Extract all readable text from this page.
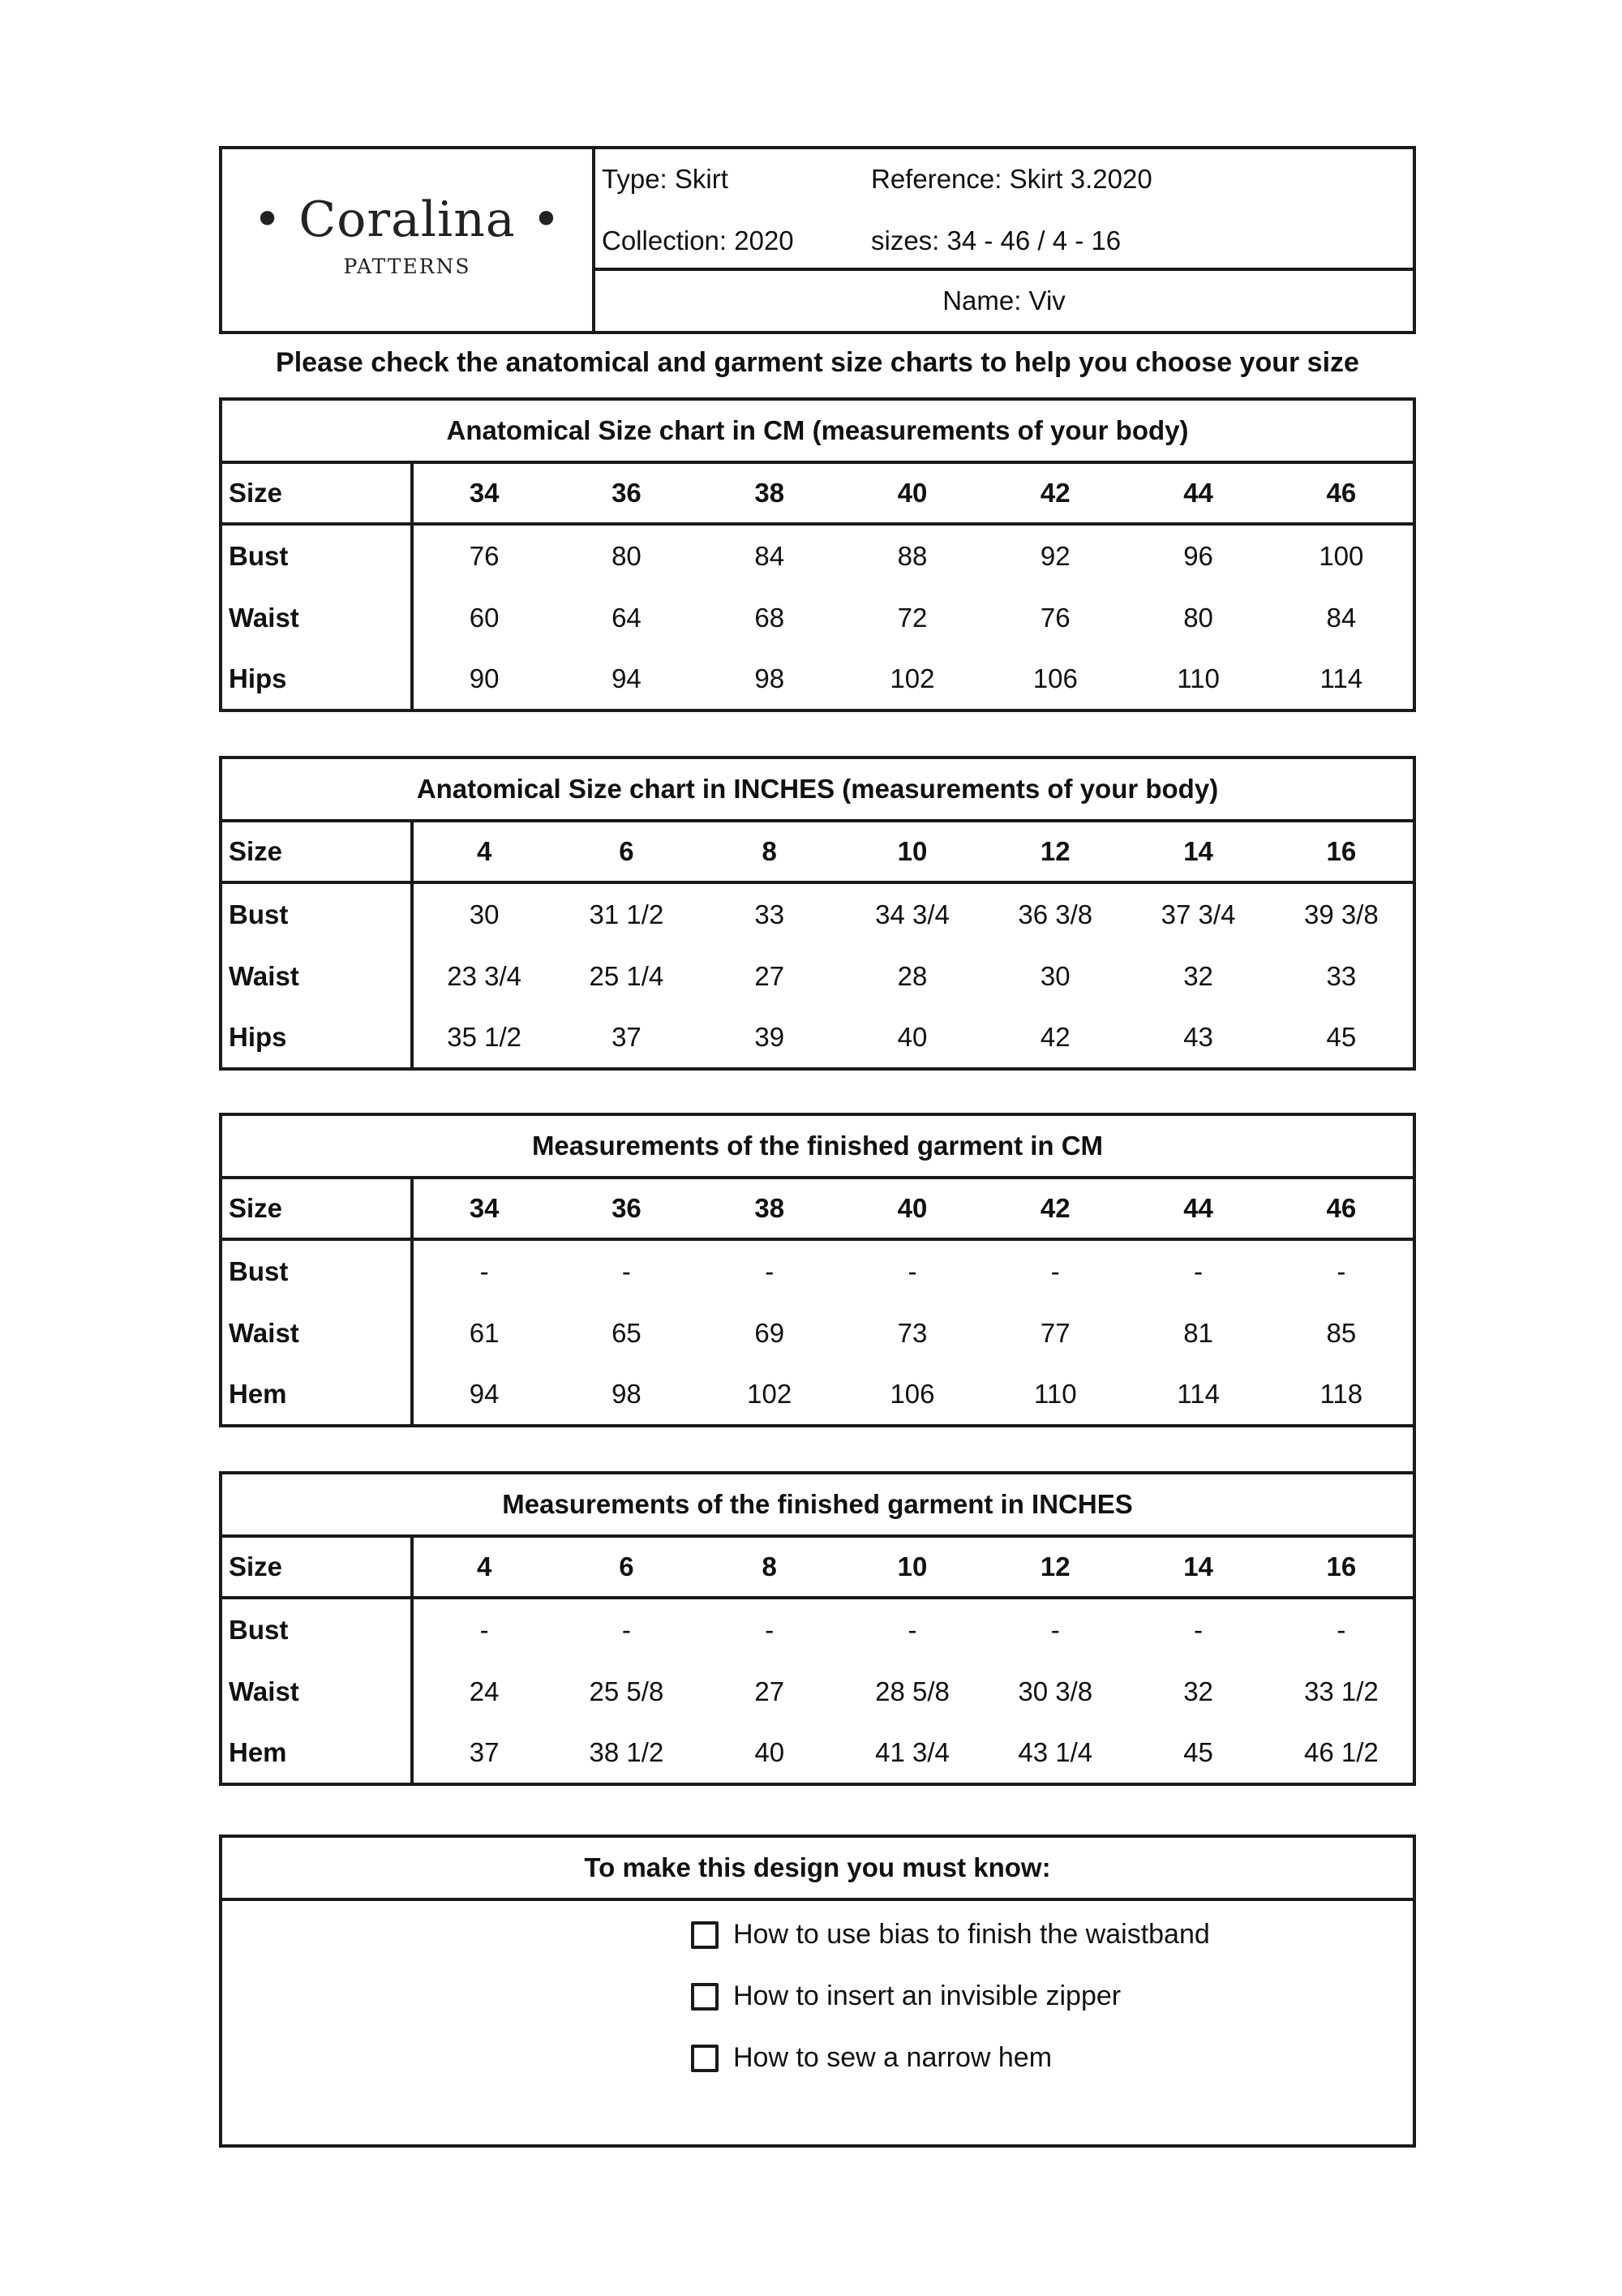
• Coralina •
PATTERNS
Type: Skirt	Reference: Skirt 3.2020
Collection: 2020	sizes: 34 - 46 / 4 - 16
Name: Viv
Please check the anatomical and garment size charts to help you choose your size
Anatomical Size chart in CM (measurements of your body)							
Size	34	36	38	40	42	44	46
Bust	76	80	84	88	92	96	100
Waist	60	64	68	72	76	80	84
Hips	90	94	98	102	106	110	114
Anatomical Size chart in INCHES (measurements of your body)							
Size	4	6	8	10	12	14	16
Bust	30	31 1/2	33	34 3/4	36 3/8	37 3/4	39 3/8
Waist	23 3/4	25 1/4	27	28	30	32	33
Hips	35 1/2	37	39	40	42	43	45
Measurements of the finished garment in CM							
Size	34	36	38	40	42	44	46
Bust	-	-	-	-	-	-	-
Waist	61	65	69	73	77	81	85
Hem	94	98	102	106	110	114	118
Measurements of the finished garment in INCHES							
Size	4	6	8	10	12	14	16
Bust	-	-	-	-	-	-	-
Waist	24	25 5/8	27	28 5/8	30 3/8	32	33 1/2
Hem	37	38 1/2	40	41 3/4	43 1/4	45	46 1/2
To make this design you must know:
How to use bias to finish the waistband
How to insert an invisible zipper
How to sew a narrow hem
